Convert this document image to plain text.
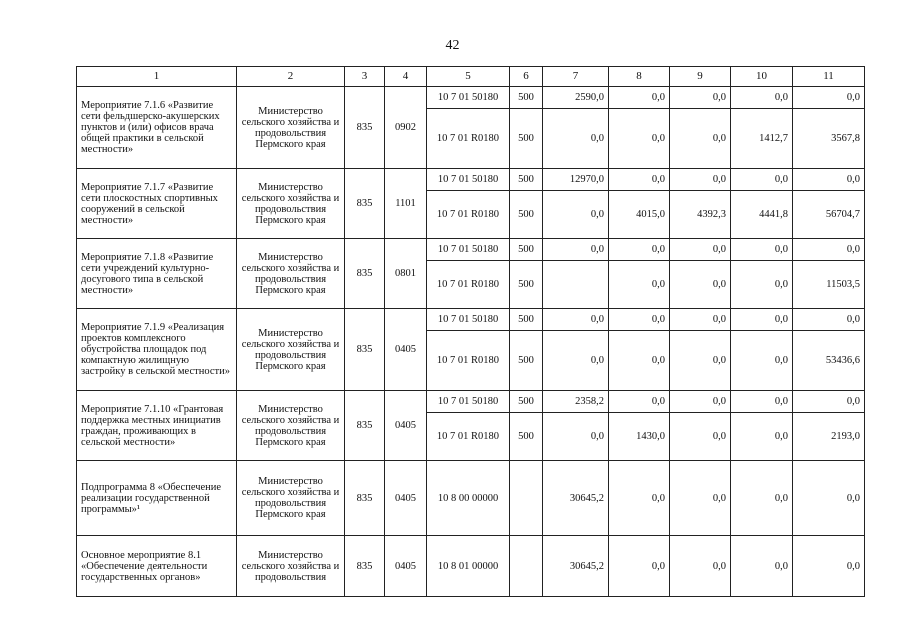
42
1	2	3	4	5	6	7	8	9	10	11
Мероприятие 7.1.6 «Развитие сети фельдшерско-акушерских пунктов и (или) офисов врача общей практики в сельской местности»	Министерство сельского хозяйства и продовольствия Пермского края	835	0902	10 7 01 50180	500	2590,0	0,0	0,0	0,0	0,0
				10 7 01 R0180	500	0,0	0,0	0,0	1412,7	3567,8
Мероприятие 7.1.7 «Развитие сети плоскостных спортивных сооружений в сельской местности»	Министерство сельского хозяйства и продовольствия Пермского края	835	1101	10 7 01 50180	500	12970,0	0,0	0,0	0,0	0,0
				10 7 01 R0180	500	0,0	4015,0	4392,3	4441,8	56704,7
Мероприятие 7.1.8 «Развитие сети учреждений культурно-досугового типа в сельской местности»	Министерство сельского хозяйства и продовольствия Пермского края	835	0801	10 7 01 50180	500	0,0	0,0	0,0	0,0	0,0
				10 7 01 R0180	500		0,0	0,0	0,0	11503,5
Мероприятие 7.1.9 «Реализация проектов комплексного обустройства площадок под компактную жилищную застройку в сельской местности»	Министерство сельского хозяйства и продовольствия Пермского края	835	0405	10 7 01 50180	500	0,0	0,0	0,0	0,0	0,0
				10 7 01 R0180	500	0,0	0,0	0,0	0,0	53436,6
Мероприятие 7.1.10 «Грантовая поддержка местных инициатив граждан, проживающих в сельской местности»	Министерство сельского хозяйства и продовольствия Пермского края	835	0405	10 7 01 50180	500	2358,2	0,0	0,0	0,0	0,0
				10 7 01 R0180	500	0,0	1430,0	0,0	0,0	2193,0
Подпрограмма 8 «Обеспечение реализации государственной программы»¹	Министерство сельского хозяйства и продовольствия Пермского края	835	0405	10 8 00 00000		30645,2	0,0	0,0	0,0	0,0
Основное мероприятие 8.1 «Обеспечение деятельности государственных органов»	Министерство сельского хозяйства и продовольствия	835	0405	10 8 01 00000		30645,2	0,0	0,0	0,0	0,0
